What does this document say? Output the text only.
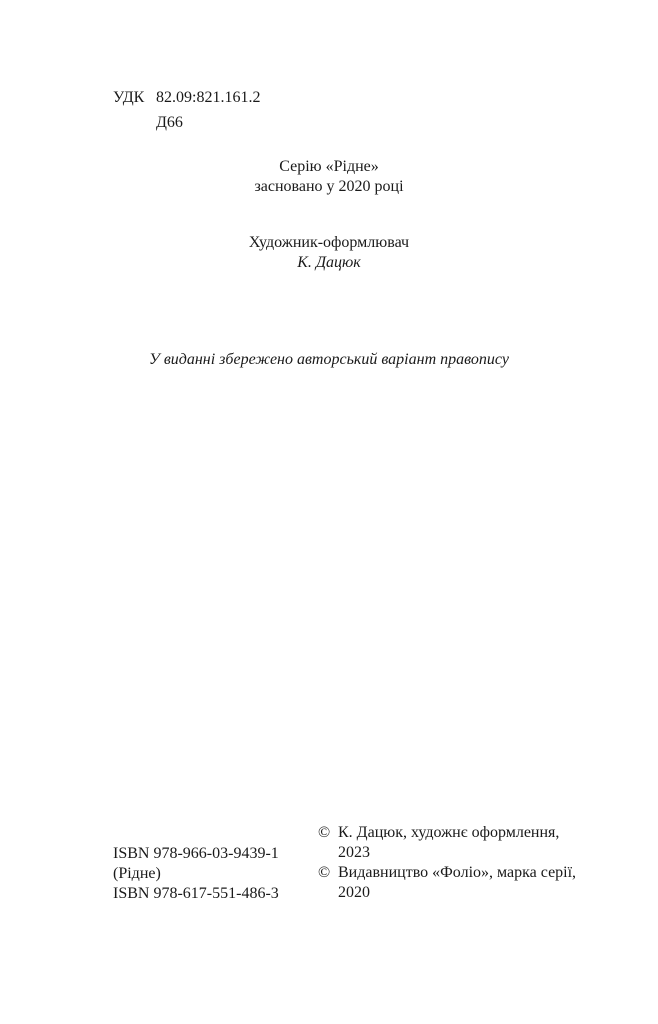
УДК 82.09:821.161.2
Д66
Серію «Рідне»
засновано у 2020 році
Художник-оформлювач
К. Дацюк
У виданні збережено авторський варіант правопису
ISBN 978-966-03-9439-1
(Рідне)
ISBN 978-617-551-486-3
© К. Дацюк, художнє оформлення,
2023
© Видавництво «Фоліо», марка серії,
2020
